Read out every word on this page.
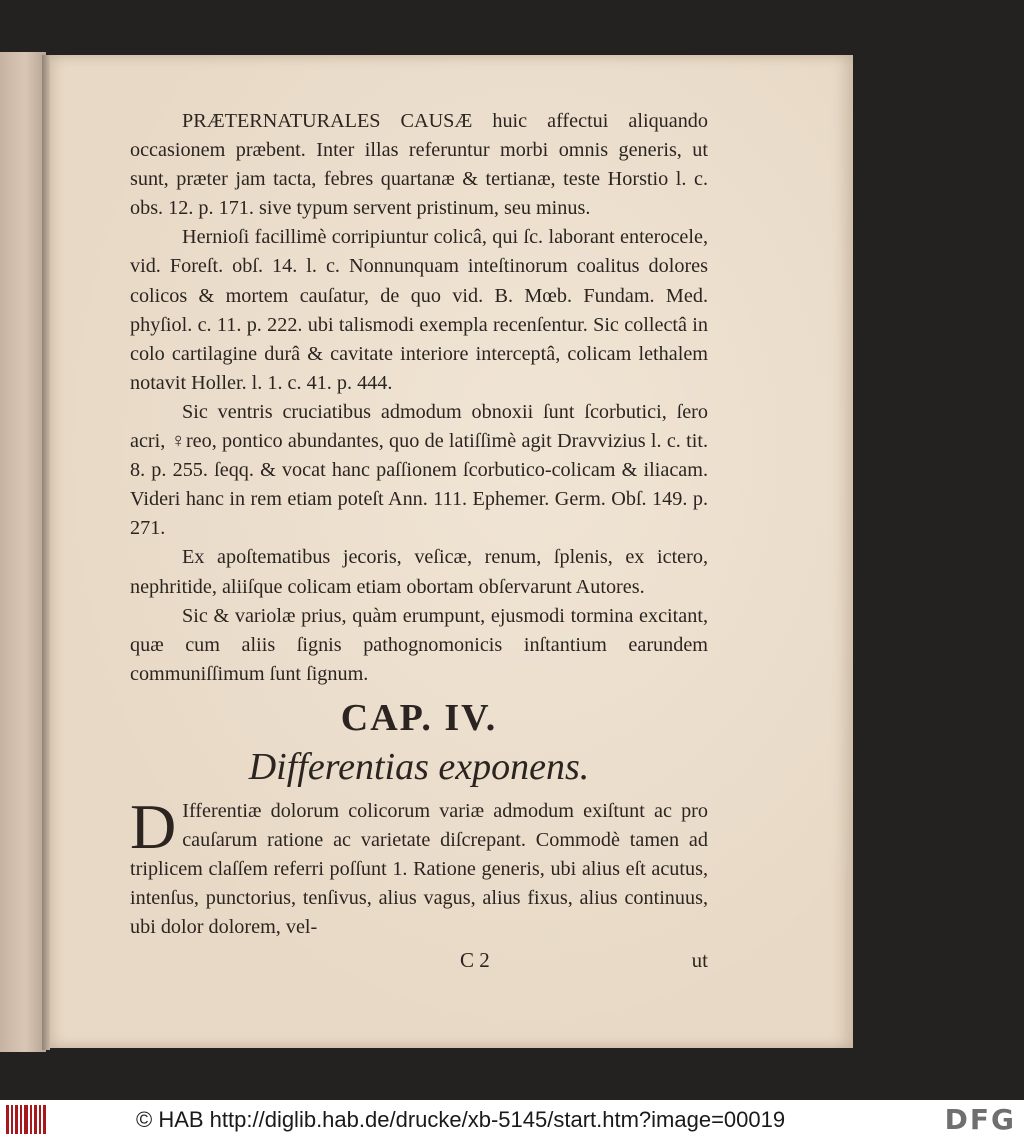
PRÆTERNATURALES CAUSÆ huic affectui aliquando occasionem præbent. Inter illas referuntur morbi omnis generis, ut sunt, præter jam tacta, febres quartanæ & tertianæ, teste Horstio l. c. obs. 12. p. 171. sive typum servent pristinum, seu minus.

Hernioſi facillimè corripiuntur colicâ, qui ſc. laborant enterocele, vid. Foreſt. obſ. 14. l. c. Nonnunquam inteſtinorum coalitus dolores colicos & mortem cauſatur, de quo vid. B. Mœb. Fundam. Med. phyſiol. c. 11. p. 222. ubi talismodi exempla recenſentur. Sic collectâ in colo cartilagine durâ & cavitate interiore interceptâ, colicam lethalem notavit Holler. l. 1. c. 41. p. 444.

Sic ventris cruciatibus admodum obnoxii ſunt ſcorbutici, ſero acri, ♀reo, pontico abundantes, quo de latiſſimè agit Dravvizius l. c. tit. 8. p. 255. ſeqq. & vocat hanc paſſionem ſcorbutico-colicam & iliacam. Videri hanc in rem etiam poteſt Ann. 111. Ephemer. Germ. Obſ. 149. p. 271.

Ex apoſtematibus jecoris, veſicæ, renum, ſplenis, ex ictero, nephritide, aliiſque colicam etiam obortam obſervarunt Autores.

Sic & variolæ prius, quàm erumpunt, ejusmodi tormina excitant, quæ cum aliis ſignis pathognomonicis inſtantium earundem communiſſimum ſunt ſignum.

CAP. IV.
Differentias exponens.

D Ifferentiæ dolorum colicorum variæ admodum exiſtunt ac pro cauſarum ratione ac varietate diſcrepant. Commodè tamen ad triplicem claſſem referri poſſunt 1. Ratione generis, ubi alius eſt acutus, intenſus, punctorius, tenſivus, alius vagus, alius fixus, alius continuus, ubi dolor dolorem, vel-

C 2	ut
© HAB http://diglib.hab.de/drucke/xb-5145/start.htm?image=00019	DFG
